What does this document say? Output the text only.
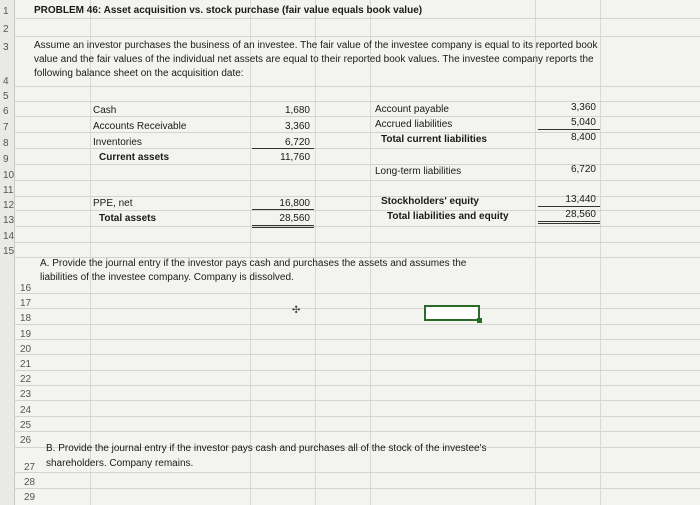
1
2
3
4
5
6
7
8
9
10
11
12
13
14
15
16
17
18
19
20
21
22
23
24
25
26
27
28
29
PROBLEM 46: Asset acquisition vs. stock purchase (fair value equals book value)
Assume an investor purchases the business of an investee. The fair value of the investee company is equal to its reported book
value and the fair values of the individual net assets are equal to their reported book values. The investee company reports the
following balance sheet on the acquisition date:
Cash	1,680
Accounts Receivable	3,360
Inventories	6,720
Current assets	11,760
PPE, net	16,800
Total assets	28,560
Account payable	3,360
Accrued liabilities	5,040
Total current liabilities	8,400
Long-term liabilities	6,720
Stockholders' equity	13,440
Total liabilities and equity	28,560
A. Provide the journal entry if the investor pays cash and purchases the assets and assumes the
liabilities of the investee company. Company is dissolved.
✣
B. Provide the journal entry if the investor pays cash and purchases all of the stock of the investee's
shareholders. Company remains.
